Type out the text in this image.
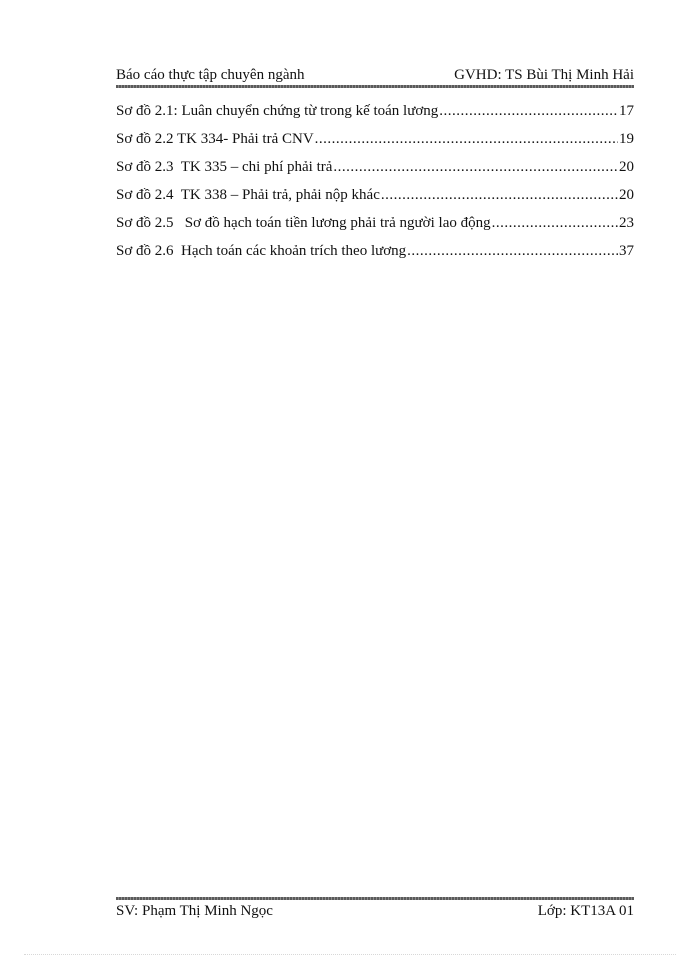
Báo cáo thực tập chuyên ngành	GVHD: TS Bùi Thị Minh Hải
Sơ đồ 2.1: Luân chuyển chứng từ trong kế toán lương .....	17
Sơ đồ 2.2 TK 334- Phải trả CNV .....	19
Sơ đồ 2.3  TK 335 – chi phí phải trả .....	20
Sơ đồ 2.4  TK 338 – Phải trả, phải nộp khác .....	20
Sơ đồ 2.5   Sơ đồ hạch toán tiền lương phải trả người lao động .....	23
Sơ đồ 2.6  Hạch toán các khoản trích theo lương .....	37
SV: Phạm Thị Minh Ngọc	Lớp: KT13A 01
